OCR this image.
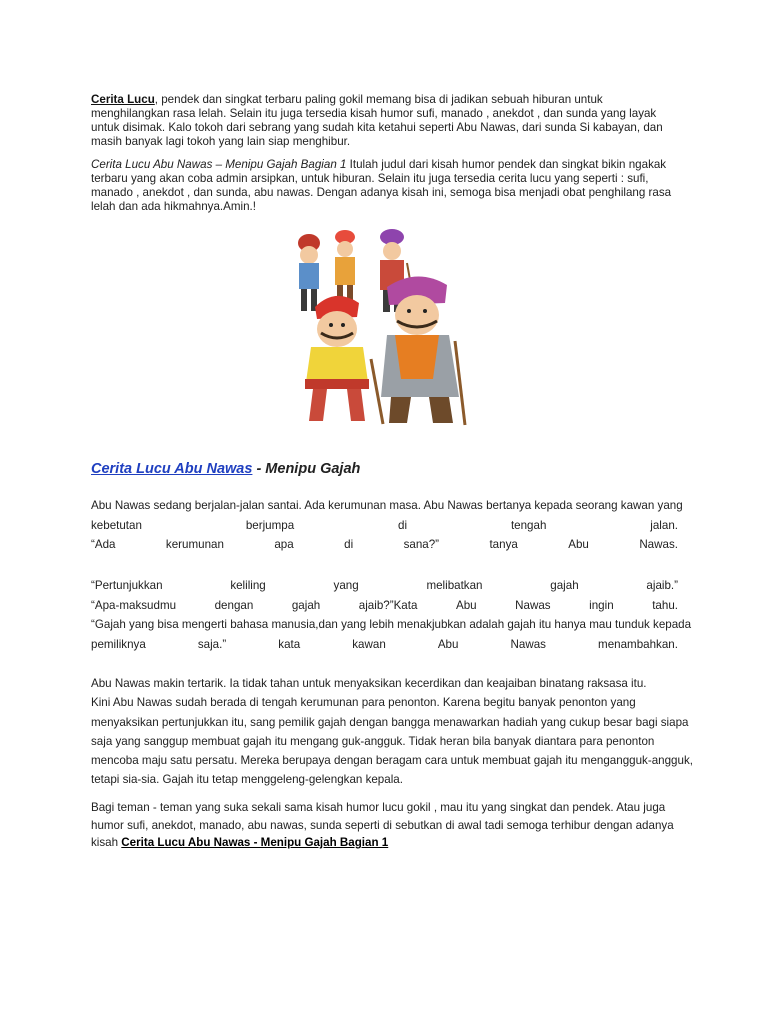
Cerita Lucu, pendek dan singkat terbaru paling gokil memang bisa di jadikan sebuah hiburan untuk menghilangkan rasa lelah. Selain itu juga tersedia kisah humor sufi, manado , anekdot , dan sunda yang layak untuk disimak. Kalo tokoh dari sebrang yang sudah kita ketahui seperti Abu Nawas, dari sunda Si kabayan, dan masih banyak lagi tokoh yang lain siap menghibur.

Cerita Lucu Abu Nawas – Menipu Gajah Bagian 1 Itulah judul dari kisah humor pendek dan singkat bikin ngakak terbaru yang akan coba admin arsipkan, untuk hiburan. Selain itu juga tersedia cerita lucu yang seperti : sufi, manado , anekdot , dan sunda, abu nawas. Dengan adanya kisah ini, semoga bisa menjadi obat penghilang rasa lelah dan ada hikmahnya.Amin.!

Cerita Lucu Abu Nawas - Menipu Gajah
Abu Nawas sedang berjalan-jalan santai. Ada kerumunan masa. Abu Nawas bertanya kepada seorang kawan yang
kebetutan	berjumpa	di	tengah	jalan.
“Ada	kerumunan	apa	di	sana?”	tanya	Abu	Nawas.
“Pertunjukkan	keliling	yang	melibatkan	gajah	ajaib.”
“Apa-maksudmu	dengan	gajah	ajaib?”Kata	Abu	Nawas	ingin	tahu.
“Gajah yang bisa mengerti bahasa manusia,dan yang lebih menakjubkan adalah gajah itu hanya mau tunduk kepada
pemiliknya	saja.”	kata	kawan	Abu	Nawas	menambahkan.
Abu Nawas makin tertarik. Ia tidak tahan untuk menyaksikan kecerdikan dan keajaiban binatang raksasa itu.
Kini Abu Nawas sudah berada di tengah kerumunan para penonton. Karena begitu banyak penonton yang
menyaksikan pertunjukkan itu, sang pemilik gajah dengan bangga menawarkan hadiah yang cukup besar bagi siapa
saja yang sanggup membuat gajah itu mengang guk-angguk. Tidak heran bila banyak diantara para penonton
mencoba maju satu persatu. Mereka berupaya dengan beragam cara untuk membuat gajah itu mengangguk-angguk,
tetapi sia-sia. Gajah itu tetap menggeleng-gelengkan kepala.

Bagi teman - teman yang suka sekali sama kisah humor lucu gokil , mau itu yang singkat dan pendek. Atau juga humor sufi, anekdot, manado, abu nawas, sunda seperti di sebutkan di awal tadi semoga terhibur dengan adanya kisah Cerita Lucu Abu Nawas - Menipu Gajah Bagian 1
